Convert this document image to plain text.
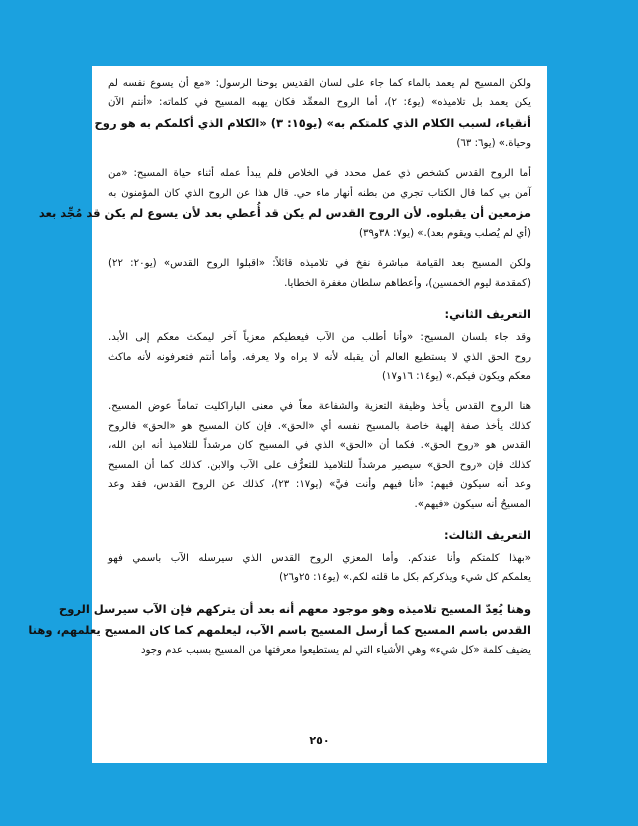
ولكن المسيح لم يعمد بالماء كما جاء على لسان القديس يوحنا الرسول: «مع أن يسوع نفسه لم
يكن يعمد بل تلاميذه» (يو٤: ٢)، أما الروح المعمِّد فكان يهبه المسيح في كلماته: «أنتم الآن
أنقياء، لسبب الكلام الذي كلمتكم به» (يو١٥: ٣) «الكلام الذي أكلمكم به هو روح
وحياة.» (يو٦: ٦٣)
أما الروح القدس كشخص ذي عمل محدد في الخلاص فلم يبدأ عمله أثناء حياة المسيح: «من
آمن بي كما قال الكتاب تجري من بطنه أنهار ماء حي. قال هذا عن الروح الذي كان المؤمنون به
مزمعين أن يقبلوه. لأن الروح القدس لم يكن قد أُعطي بعد لأن يسوع لم يكن قد مُجِّد بعد
(أي لم يُصلب ويقوم بعد).» (يو٧: ٣٨و٣٩)
ولكن المسيح بعد القيامة مباشرة نفخ في تلاميذه قائلاً: «اقبلوا الروح القدس» (يو٢٠: ٢٢)
(كمقدمة ليوم الخمسين)، وأعطاهم سلطان مغفرة الخطايا.
التعريف الثاني:
وقد جاء بلسان المسيح: «وأنا أطلب من الآب فيعطيكم معزياً آخر ليمكث معكم إلى الأبد.
روح الحق الذي لا يستطيع العالم أن يقبله لأنه لا يراه ولا يعرفه. وأما أنتم فتعرفونه لأنه ماكث
معكم ويكون فيكم.» (يو١٤: ١٦و١٧)
هنا الروح القدس يأخذ وظيفة التعزية والشفاعة معاً في معنى الباراكليت تماماً عوض المسيح.
كذلك يأخذ صفة إلهية خاصة بالمسيح نفسه أي «الحق». فإن كان المسيح هو «الحق» فالروح
القدس هو «روح الحق». فكما أن «الحق» الذي في المسيح كان مرشداً للتلاميذ أنه ابن الله،
كذلك فإن «روح الحق» سيصير مرشداً للتلاميذ للتعرُّف على الآب والابن. كذلك كما أن المسيح
وعد أنه سيكون فيهم: «أنا فيهم وأنت فيَّ» (يو١٧: ٢٣)، كذلك عن الروح القدس، فقد وعد
المسيحُ أنه سيكون «فيهم».
التعريف الثالث:
«بهذا كلمتكم وأنا عندكم. وأما المعزي الروح القدس الذي سيرسله الآب باسمي فهو
يعلمكم كل شيء ويذكركم بكل ما قلته لكم.» (يو١٤: ٢٥و٢٦)
وهنا يُعِدّ المسيح تلاميذه وهو موجود معهم أنه بعد أن يتركهم فإن الآب سيرسل الروح
القدس باسم المسيح كما أرسل المسيح باسم الآب، ليعلمهم كما كان المسيح يعلمهم، وهنا
يضيف كلمة «كل شيء» وهي الأشياء التي لم يستطيعوا معرفتها من المسيح بسبب عدم وجود
٢٥٠
